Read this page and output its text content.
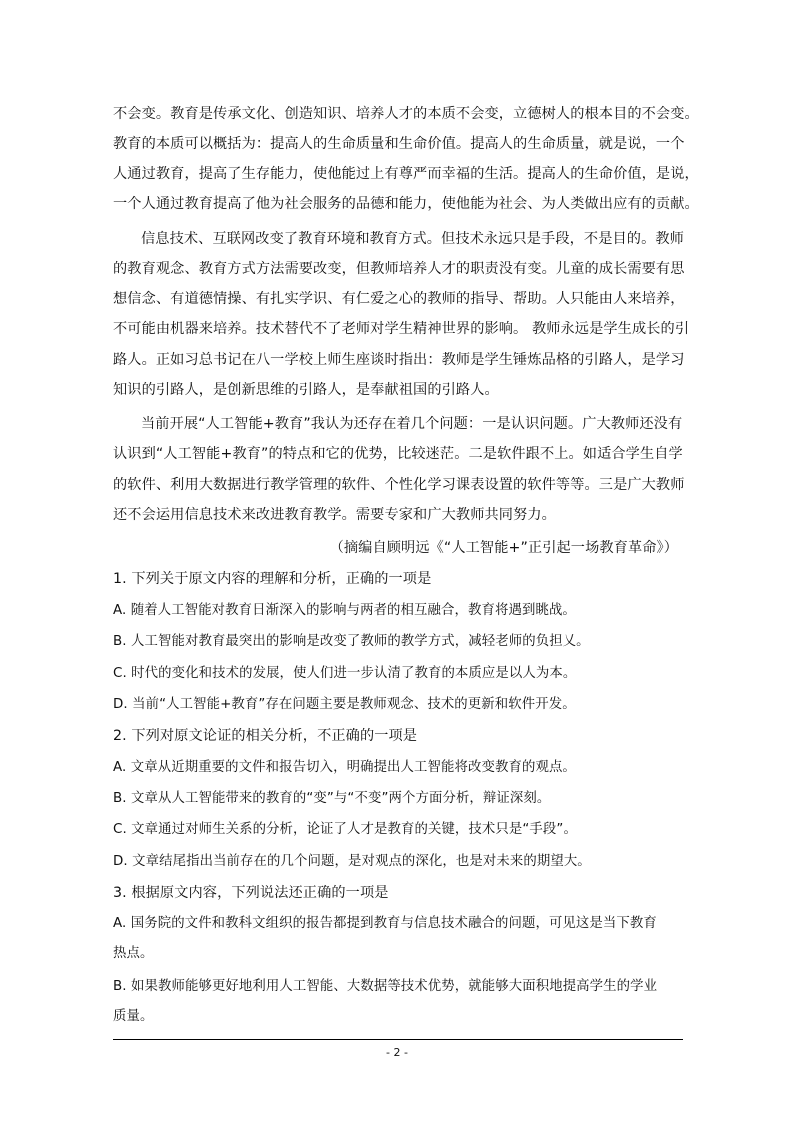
不会变。教育是传承文化、创造知识、培养人才的本质不会变，立德树人的根本目的不会变。
教育的本质可以概括为：提高人的生命质量和生命价值。提高人的生命质量，就是说，一个
人通过教育，提高了生存能力，使他能过上有尊严而幸福的生活。提高人的生命价值，是说，
一个人通过教育提高了他为社会服务的品德和能力，使他能为社会、为人类做出应有的贡献。
信息技术、互联网改变了教育环境和教育方式。但技术永远只是手段，不是目的。教师
的教育观念、教育方式方法需要改变，但教师培养人才的职责没有变。儿童的成长需要有思
想信念、有道德情操、有扎实学识、有仁爱之心的教师的指导、帮助。人只能由人来培养，
不可能由机器来培养。技术替代不了老师对学生精神世界的影响。 教师永远是学生成长的引
路人。正如习总书记在八一学校上师生座谈时指出：教师是学生锤炼品格的引路人，是学习
知识的引路人，是创新思维的引路人，是奉献祖国的引路人。
当前开展“人工智能+教育”我认为还存在着几个问题：一是认识问题。广大教师还没有
认识到“人工智能+教育”的特点和它的优势，比较迷茫。二是软件跟不上。如适合学生自学
的软件、利用大数据进行教学管理的软件、个性化学习课表设置的软件等等。三是广大教师
还不会运用信息技术来改进教育教学。需要专家和广大教师共同努力。
（摘编自顾明远《“人工智能+”正引起一场教育革命》）
1. 下列关于原文内容的理解和分析，正确的一项是
A. 随着人工智能对教育日渐深入的影响与两者的相互融合，教育将遇到眺战。
B. 人工智能对教育最突出的影响是改变了教师的教学方式，减轻老师的负担乂。
C. 时代的变化和技术的发展，使人们进一步认清了教育的本质应是以人为本。
D. 当前“人工智能+教育”存在问题主要是教师观念、技术的更新和软件开发。
2. 下列对原文论证的相关分析，不正确的一项是
A. 文章从近期重要的文件和报告切入，明确提出人工智能将改变教育的观点。
B. 文章从人工智能带来的教育的“变”与“不变”两个方面分析，辩证深刻。
C. 文章通过对师生关系的分析，论证了人才是教育的关键，技术只是“手段”。
D. 文章结尾指出当前存在的几个问题，是对观点的深化，也是对未来的期望大。
3. 根据原文内容，下列说法还正确的一项是
A. 国务院的文件和教科文组织的报告都提到教育与信息技术融合的问题，可见这是当下教育
热点。
B. 如果教师能够更好地利用人工智能、大数据等技术优势，就能够大面积地提高学生的学业
质量。
- 2 -
